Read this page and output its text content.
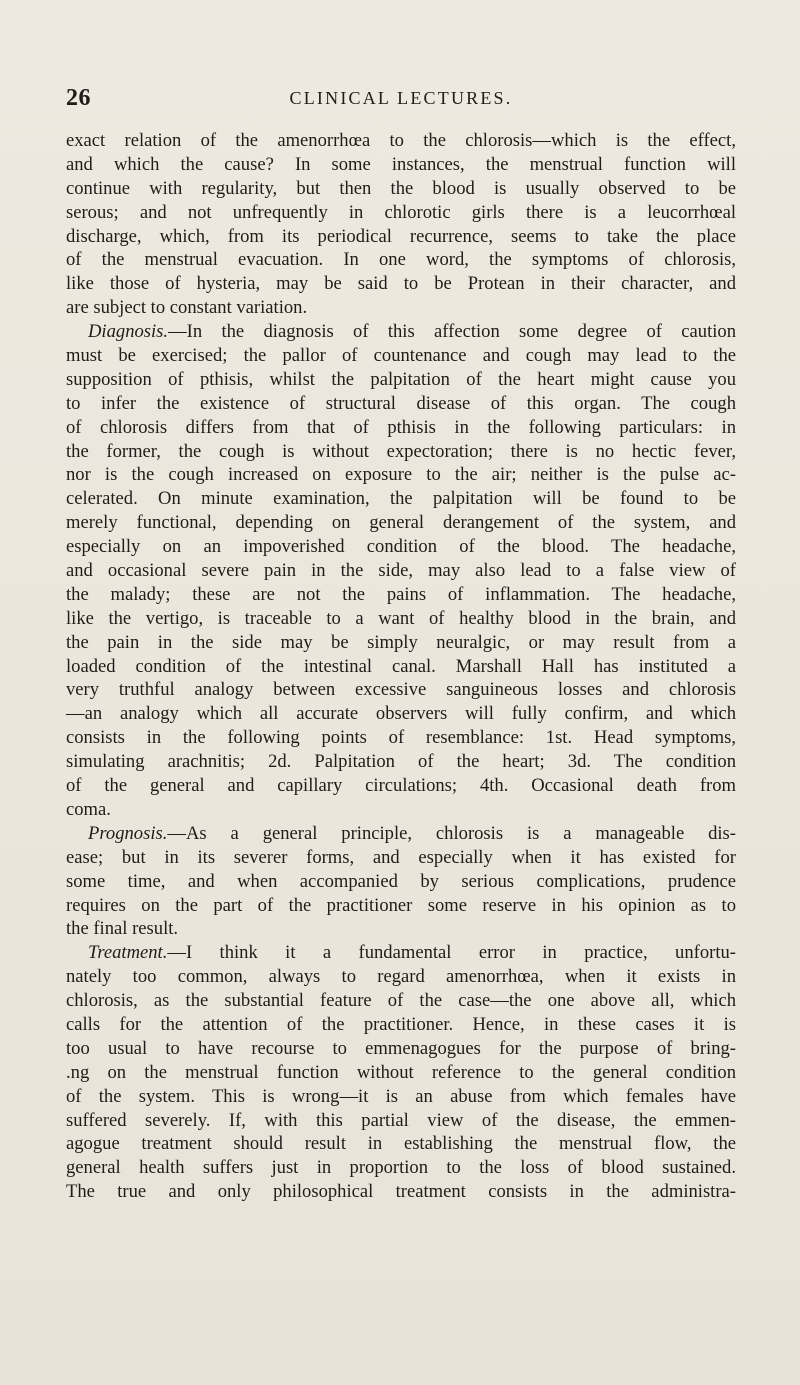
26	CLINICAL LECTURES.
exact relation of the amenorrhœa to the chlorosis—which is the effect,
and which the cause? In some instances, the menstrual function will
continue with regularity, but then the blood is usually observed to be
serous; and not unfrequently in chlorotic girls there is a leucorrhœal
discharge, which, from its periodical recurrence, seems to take the place
of the menstrual evacuation. In one word, the symptoms of chlorosis,
like those of hysteria, may be said to be Protean in their character, and
are subject to constant variation.
Diagnosis.—In the diagnosis of this affection some degree of caution
must be exercised; the pallor of countenance and cough may lead to the
supposition of pthisis, whilst the palpitation of the heart might cause you
to infer the existence of structural disease of this organ. The cough
of chlorosis differs from that of pthisis in the following particulars: in
the former, the cough is without expectoration; there is no hectic fever,
nor is the cough increased on exposure to the air; neither is the pulse ac-
celerated. On minute examination, the palpitation will be found to be
merely functional, depending on general derangement of the system, and
especially on an impoverished condition of the blood. The headache,
and occasional severe pain in the side, may also lead to a false view of
the malady; these are not the pains of inflammation. The headache,
like the vertigo, is traceable to a want of healthy blood in the brain, and
the pain in the side may be simply neuralgic, or may result from a
loaded condition of the intestinal canal. Marshall Hall has instituted a
very truthful analogy between excessive sanguineous losses and chlorosis
—an analogy which all accurate observers will fully confirm, and which
consists in the following points of resemblance: 1st. Head symptoms,
simulating arachnitis; 2d. Palpitation of the heart; 3d. The condition
of the general and capillary circulations; 4th. Occasional death from
coma.
Prognosis.—As a general principle, chlorosis is a manageable dis-
ease; but in its severer forms, and especially when it has existed for
some time, and when accompanied by serious complications, prudence
requires on the part of the practitioner some reserve in his opinion as to
the final result.
Treatment.—I think it a fundamental error in practice, unfortu-
nately too common, always to regard amenorrhœa, when it exists in
chlorosis, as the substantial feature of the case—the one above all, which
calls for the attention of the practitioner. Hence, in these cases it is
too usual to have recourse to emmenagogues for the purpose of bring-
.ng on the menstrual function without reference to the general condition
of the system. This is wrong—it is an abuse from which females have
suffered severely. If, with this partial view of the disease, the emmen-
agogue treatment should result in establishing the menstrual flow, the
general health suffers just in proportion to the loss of blood sustained.
The true and only philosophical treatment consists in the administra-
